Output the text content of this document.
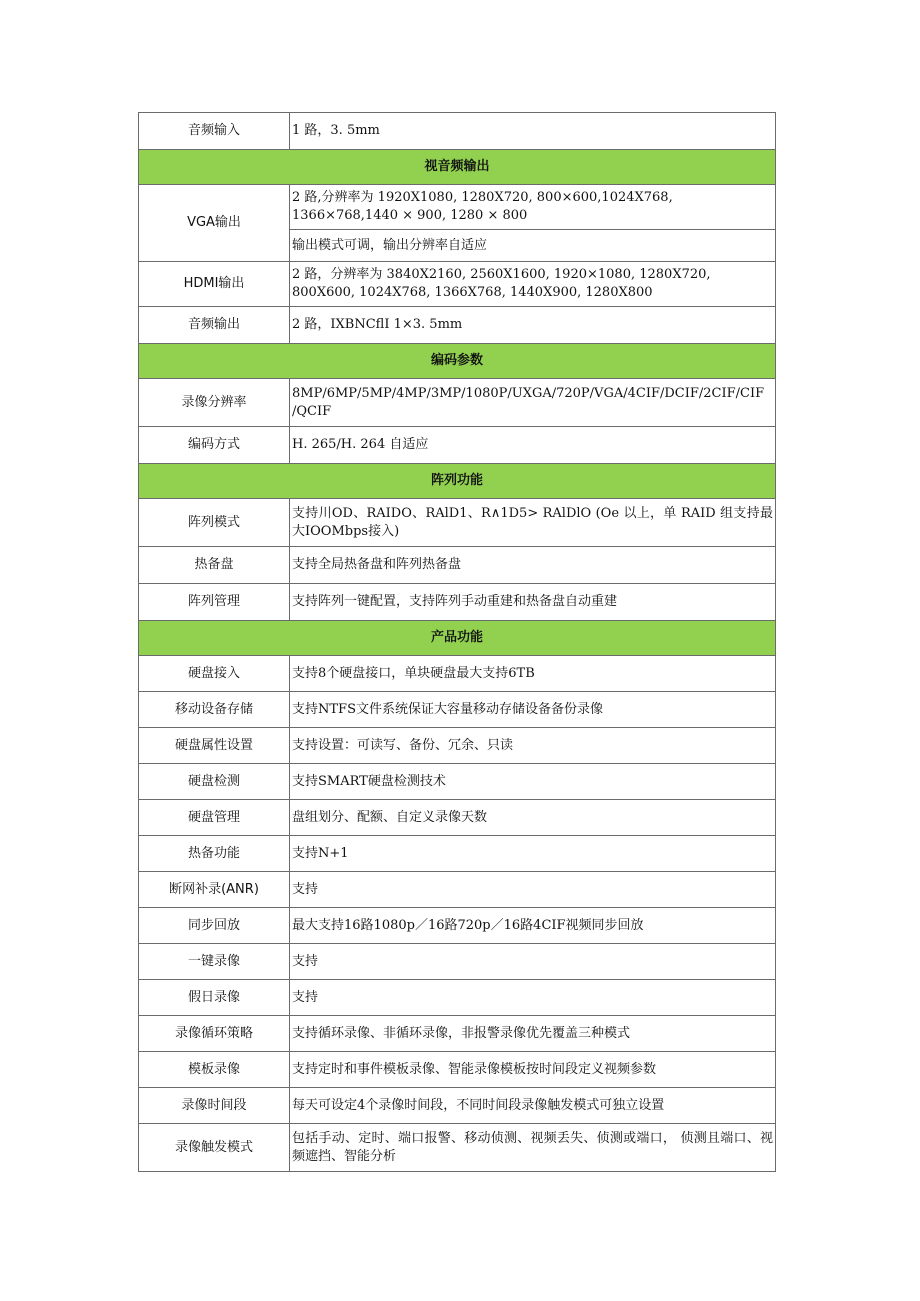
音频输入	1 路，3. 5mm
视音频输出	
VGA输出	2 路,分辨率为 1920X1080, 1280X720, 800×600,1024X768, 1366×768,1440 × 900, 1280 × 800
	输出模式可调，输出分辨率自适应
HDMI输出	2 路，分辨率为 3840X2160, 2560X1600, 1920×1080, 1280X720, 800X600, 1024X768, 1366X768, 1440X900, 1280X800
音频输出	2 路，IXBNCflI 1×3. 5mm
编码参数	
录像分辨率	8MP/6MP/5MP/4MP/3MP/1080P/UXGA/720P/VGA/4CIF/DCIF/2CIF/CIF /QCIF
编码方式	H. 265/H. 264 自适应
阵列功能	
阵列模式	支持川OD、RAIDO、RAlD1、R∧1D5> RAlDlO (Oe 以上，单 RAID 组支持最大IOOMbps接入)
热备盘	支持全局热备盘和阵列热备盘
阵列管理	支持阵列一键配置，支持阵列手动重建和热备盘自动重建
产品功能	
硬盘接入	支持8个硬盘接口，单块硬盘最大支持6TB
移动设备存储	支持NTFS文件系统保证大容量移动存储设备备份录像
硬盘属性设置	支持设置：可读写、备份、冗余、只读
硬盘检测	支持SMART硬盘检测技术
硬盘管理	盘组划分、配额、自定义录像天数
热备功能	支持N+1
断网补录(ANR)	支持
同步回放	最大支持16路1080p／16路720p／16路4CIF视频同步回放
一键录像	支持
假日录像	支持
录像循环策略	支持循环录像、非循环录像，非报警录像优先覆盖三种模式
模板录像	支持定时和事件模板录像、智能录像模板按时间段定义视频参数
录像时间段	每天可设定4个录像时间段，不同时间段录像触发模式可独立设置
录像触发模式	包括手动、定时、端口报警、移动侦测、视频丢失、侦测或端口， 侦测且端口、视频遮挡、智能分析
